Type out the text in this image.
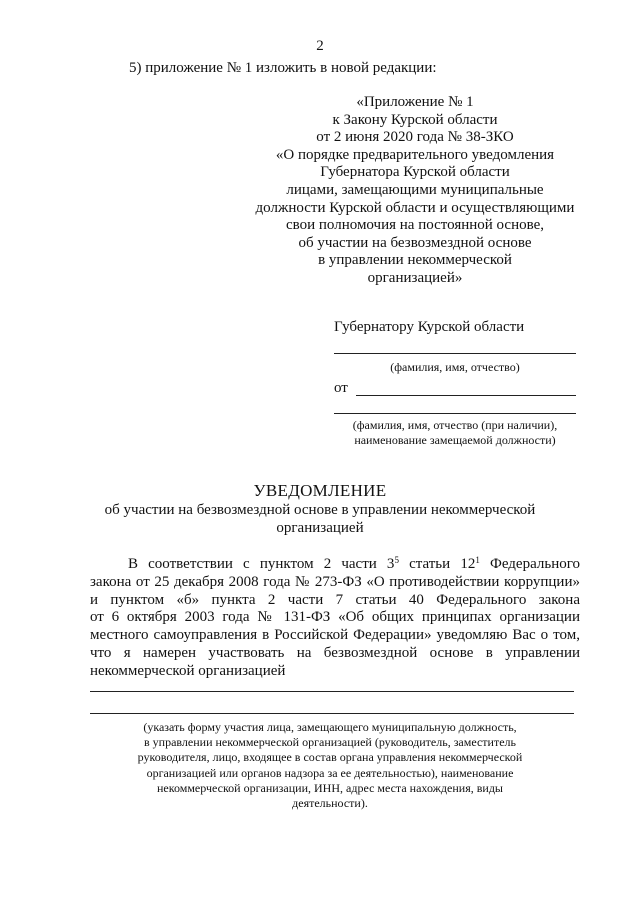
2
5) приложение № 1 изложить в новой редакции:
«Приложение № 1
к Закону Курской области
от 2 июня 2020 года № 38-ЗКО
«О порядке предварительного уведомления
Губернатора Курской области
лицами, замещающими муниципальные
должности Курской области и осуществляющими
свои полномочия на постоянной основе,
об участии на безвозмездной основе
в управлении некоммерческой
организацией»
Губернатору Курской области
(фамилия, имя, отчество)
от
(фамилия, имя, отчество (при наличии),
наименование замещаемой должности)
УВЕДОМЛЕНИЕ
об участии на безвозмездной основе в управлении некоммерческой
организацией
В соответствии с пунктом 2 части $3^5$ статьи $12^1$ Федерального
закона от 25 декабря 2008 года № 273-ФЗ «О противодействии коррупции»
и пунктом «б» пункта 2 части 7 статьи 40 Федерального закона
от 6 октября 2003 года № 131-ФЗ «Об общих принципах организации
местного самоуправления в Российской Федерации» уведомляю Вас о том,
что я намерен участвовать на безвозмездной основе в управлении
некоммерческой организацией
(указать форму участия лица, замещающего муниципальную должность,
в управлении некоммерческой организацией (руководитель, заместитель
руководителя, лицо, входящее в состав органа управления некоммерческой
организацией или органов надзора за ее деятельностью), наименование
некоммерческой организации, ИНН, адрес места нахождения, виды
деятельности).
